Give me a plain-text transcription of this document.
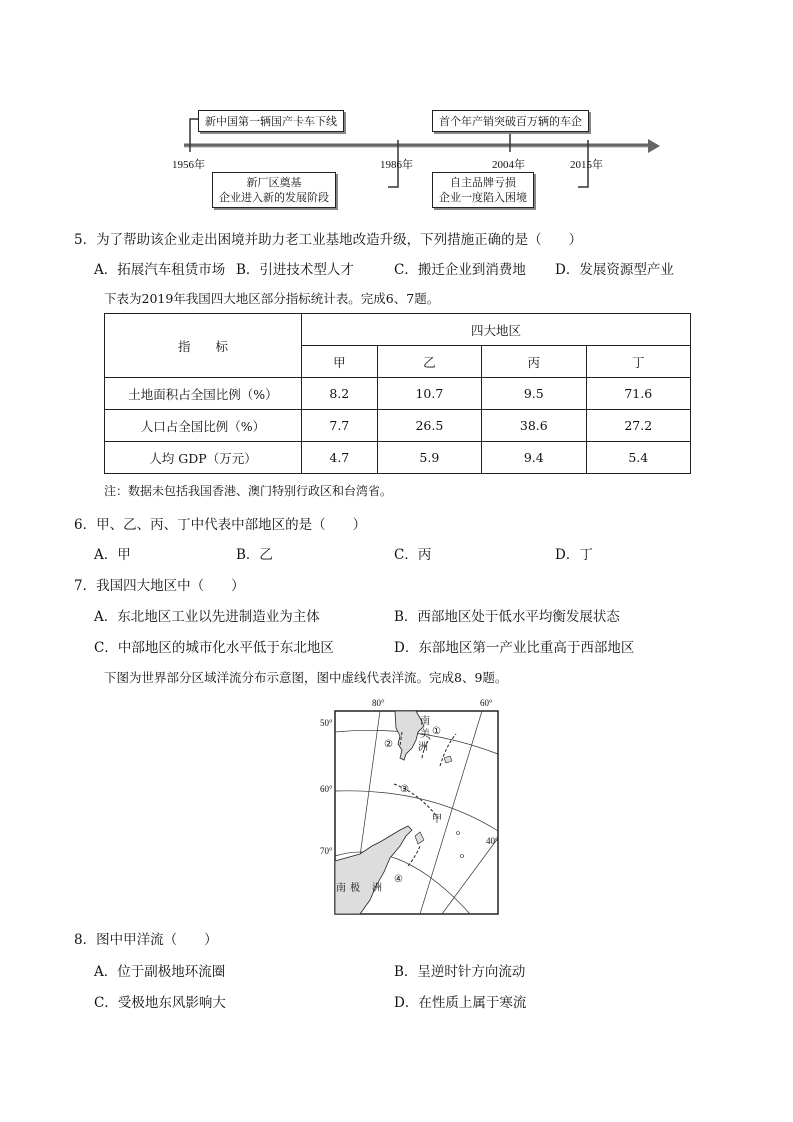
新中国第一辆国产卡车下线	首个年产销突破百万辆的车企
新厂区奠基
企业进入新的发展阶段
自主品牌亏损
企业一度陷入困境
1956年	1986年	2004年	2015年
5．为了帮助该企业走出困境并助力老工业基地改造升级，下列措施正确的是（　　）
A．拓展汽车租赁市场 B．引进技术型人才	C．搬迁企业到消费地 D．发展资源型产业
下表为2019年我国四大地区部分指标统计表。完成6、7题。
指　　标	四大地区			
	甲	乙	丙	丁
土地面积占全国比例（%）	8.2	10.7	9.5	71.6
人口占全国比例（%）	7.7	26.5	38.6	27.2
人均 GDP（万元）	4.7	5.9	9.4	5.4
注：数据未包括我国香港、澳门特别行政区和台湾省。
6．甲、乙、丙、丁中代表中部地区的是（　　）
A．甲	B．乙	C．丙	D．丁
7．我国四大地区中（　　）
A．东北地区工业以先进制造业为主体	B．西部地区处于低水平均衡发展状态
C．中部地区的城市化水平低于东北地区	D．东部地区第一产业比重高于西部地区
下图为世界部分区域洋流分布示意图，图中虚线代表洋流。完成8、9题。
80°	60°
40°
50°
60°
70°
南
美
洲
南 极 洲
①
②
③
④
甲
8．图中甲洋流（　　）
A．位于副极地环流圈	B．呈逆时针方向流动
C．受极地东风影响大	D．在性质上属于寒流
